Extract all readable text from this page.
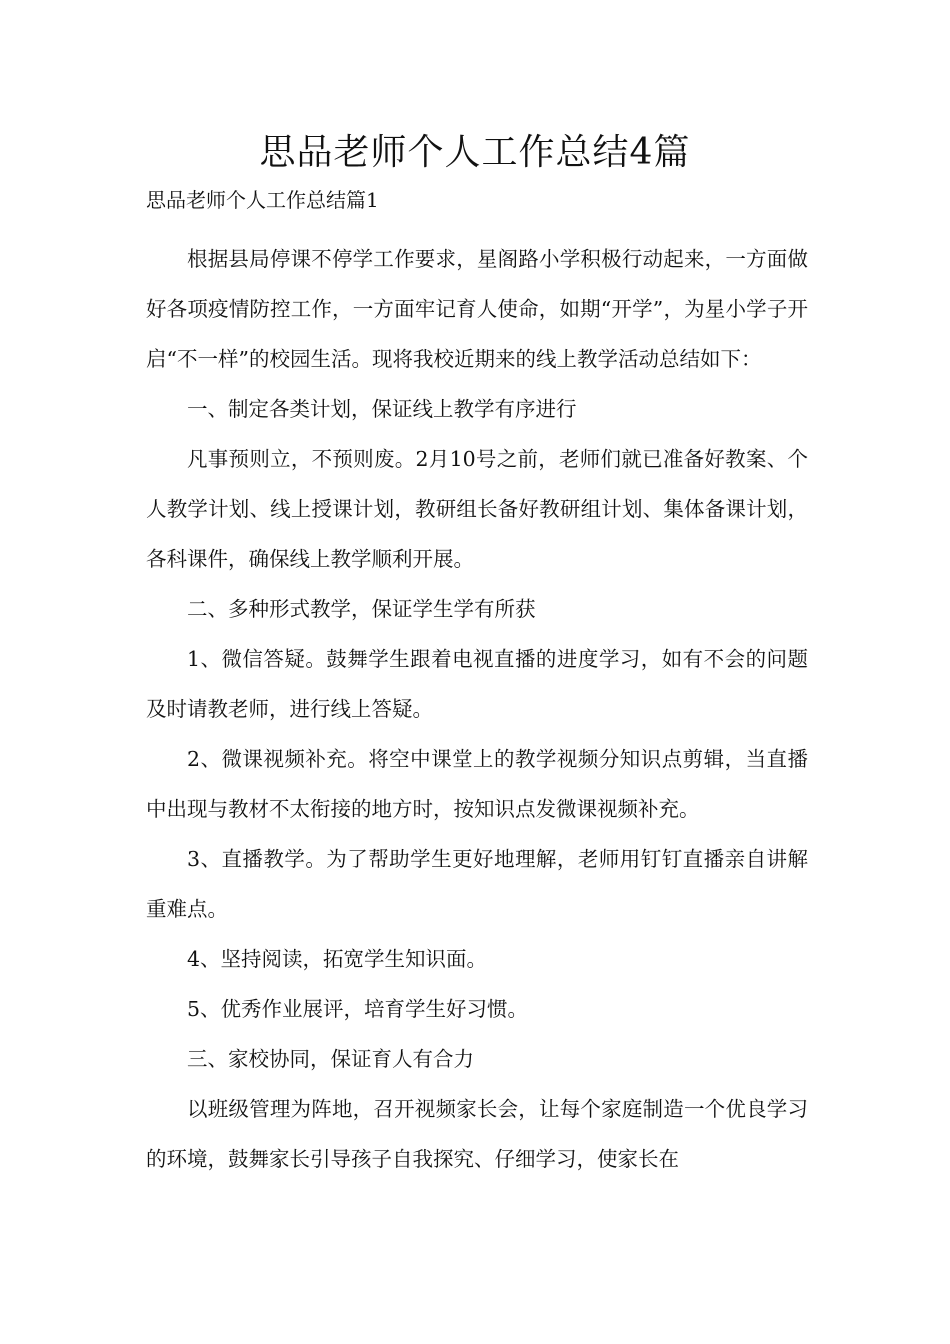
思品老师个人工作总结4篇

思品老师个人工作总结篇1

根据县局停课不停学工作要求，星阁路小学积极行动起来，一方面做好各项疫情防控工作，一方面牢记育人使命，如期“开学”，为星小学子开启“不一样”的校园生活。现将我校近期来的线上教学活动总结如下：

一、制定各类计划，保证线上教学有序进行

凡事预则立，不预则废。2月10号之前，老师们就已准备好教案、个人教学计划、线上授课计划，教研组长备好教研组计划、集体备课计划，各科课件，确保线上教学顺利开展。

二、多种形式教学，保证学生学有所获

1、微信答疑。鼓舞学生跟着电视直播的进度学习，如有不会的问题及时请教老师，进行线上答疑。

2、微课视频补充。将空中课堂上的教学视频分知识点剪辑，当直播中出现与教材不太衔接的地方时，按知识点发微课视频补充。

3、直播教学。为了帮助学生更好地理解，老师用钉钉直播亲自讲解重难点。

4、坚持阅读，拓宽学生知识面。

5、优秀作业展评，培育学生好习惯。

三、家校协同，保证育人有合力

以班级管理为阵地，召开视频家长会，让每个家庭制造一个优良学习的环境，鼓舞家长引导孩子自我探究、仔细学习，使家长在
